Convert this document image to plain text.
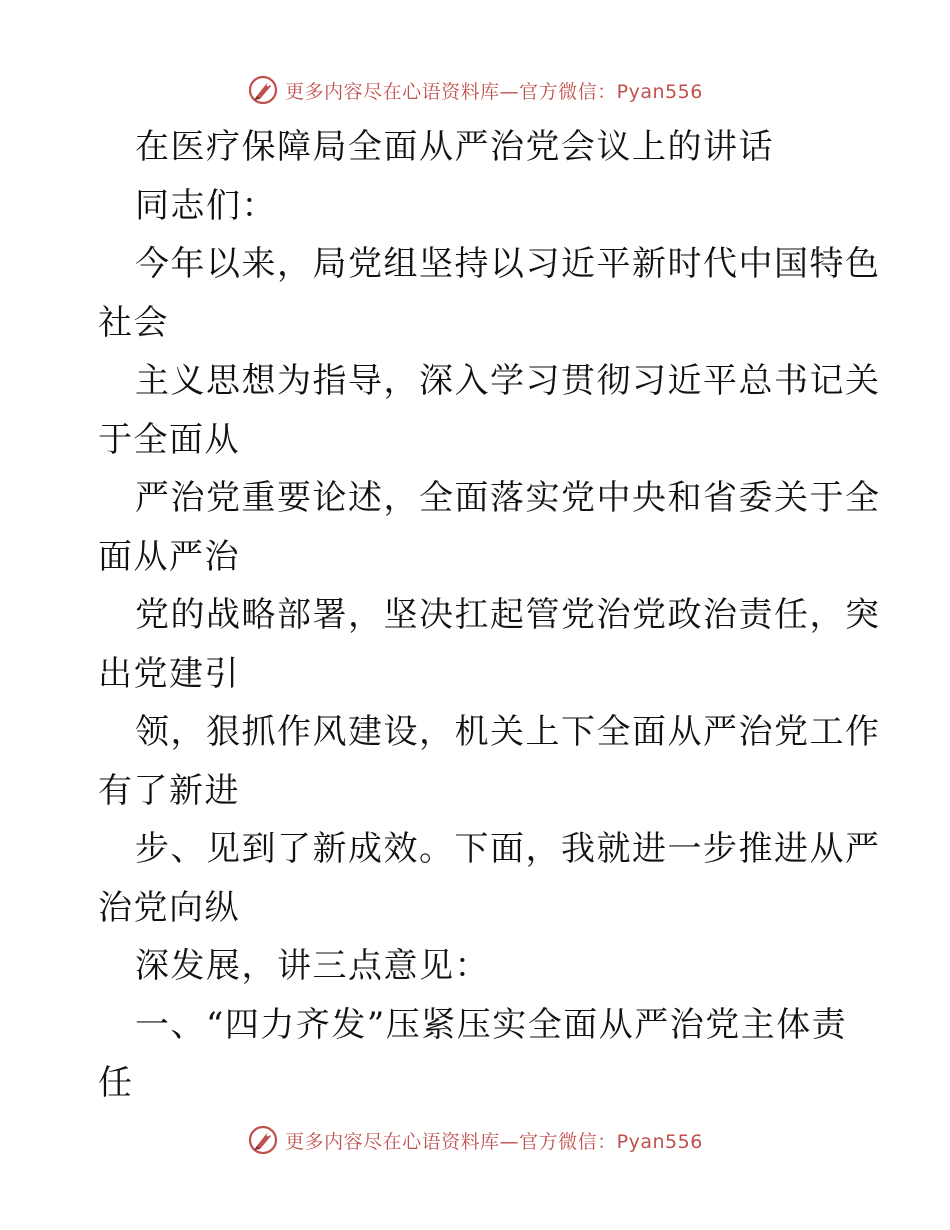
更多内容尽在心语资料库—官方微信：Pyan556
在医疗保障局全面从严治党会议上的讲话
同志们：
今年以来，局党组坚持以习近平新时代中国特色
社会
主义思想为指导，深入学习贯彻习近平总书记关
于全面从
严治党重要论述，全面落实党中央和省委关于全
面从严治
党的战略部署，坚决扛起管党治党政治责任，突
出党建引
领，狠抓作风建设，机关上下全面从严治党工作
有了新进
步、见到了新成效。下面，我就进一步推进从严
治党向纵
深发展，讲三点意见：
一、“四力齐发”压紧压实全面从严治党主体责
任
更多内容尽在心语资料库—官方微信：Pyan556
